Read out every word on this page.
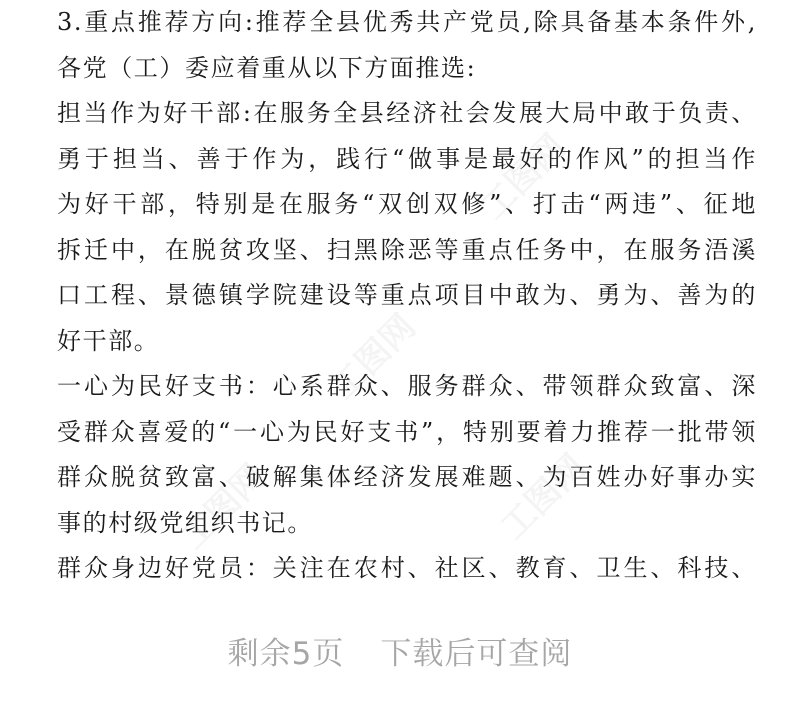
3.重点推荐方向:推荐全县优秀共产党员,除具备基本条件外,
各党（工）委应着重从以下方面推选:
担当作为好干部:在服务全县经济社会发展大局中敢于负责、
勇于担当、善于作为，践行“做事是最好的作风”的担当作
为好干部，特别是在服务“双创双修”、打击“两违”、征地
拆迁中，在脱贫攻坚、扫黑除恶等重点任务中，在服务浯溪
口工程、景德镇学院建设等重点项目中敢为、勇为、善为的
好干部。
一心为民好支书：心系群众、服务群众、带领群众致富、深
受群众喜爱的“一心为民好支书”，特别要着力推荐一批带领
群众脱贫致富、破解集体经济发展难题、为百姓办好事办实
事的村级党组织书记。
群众身边好党员：关注在农村、社区、教育、卫生、科技、
剩余5页 下载后可查阅
